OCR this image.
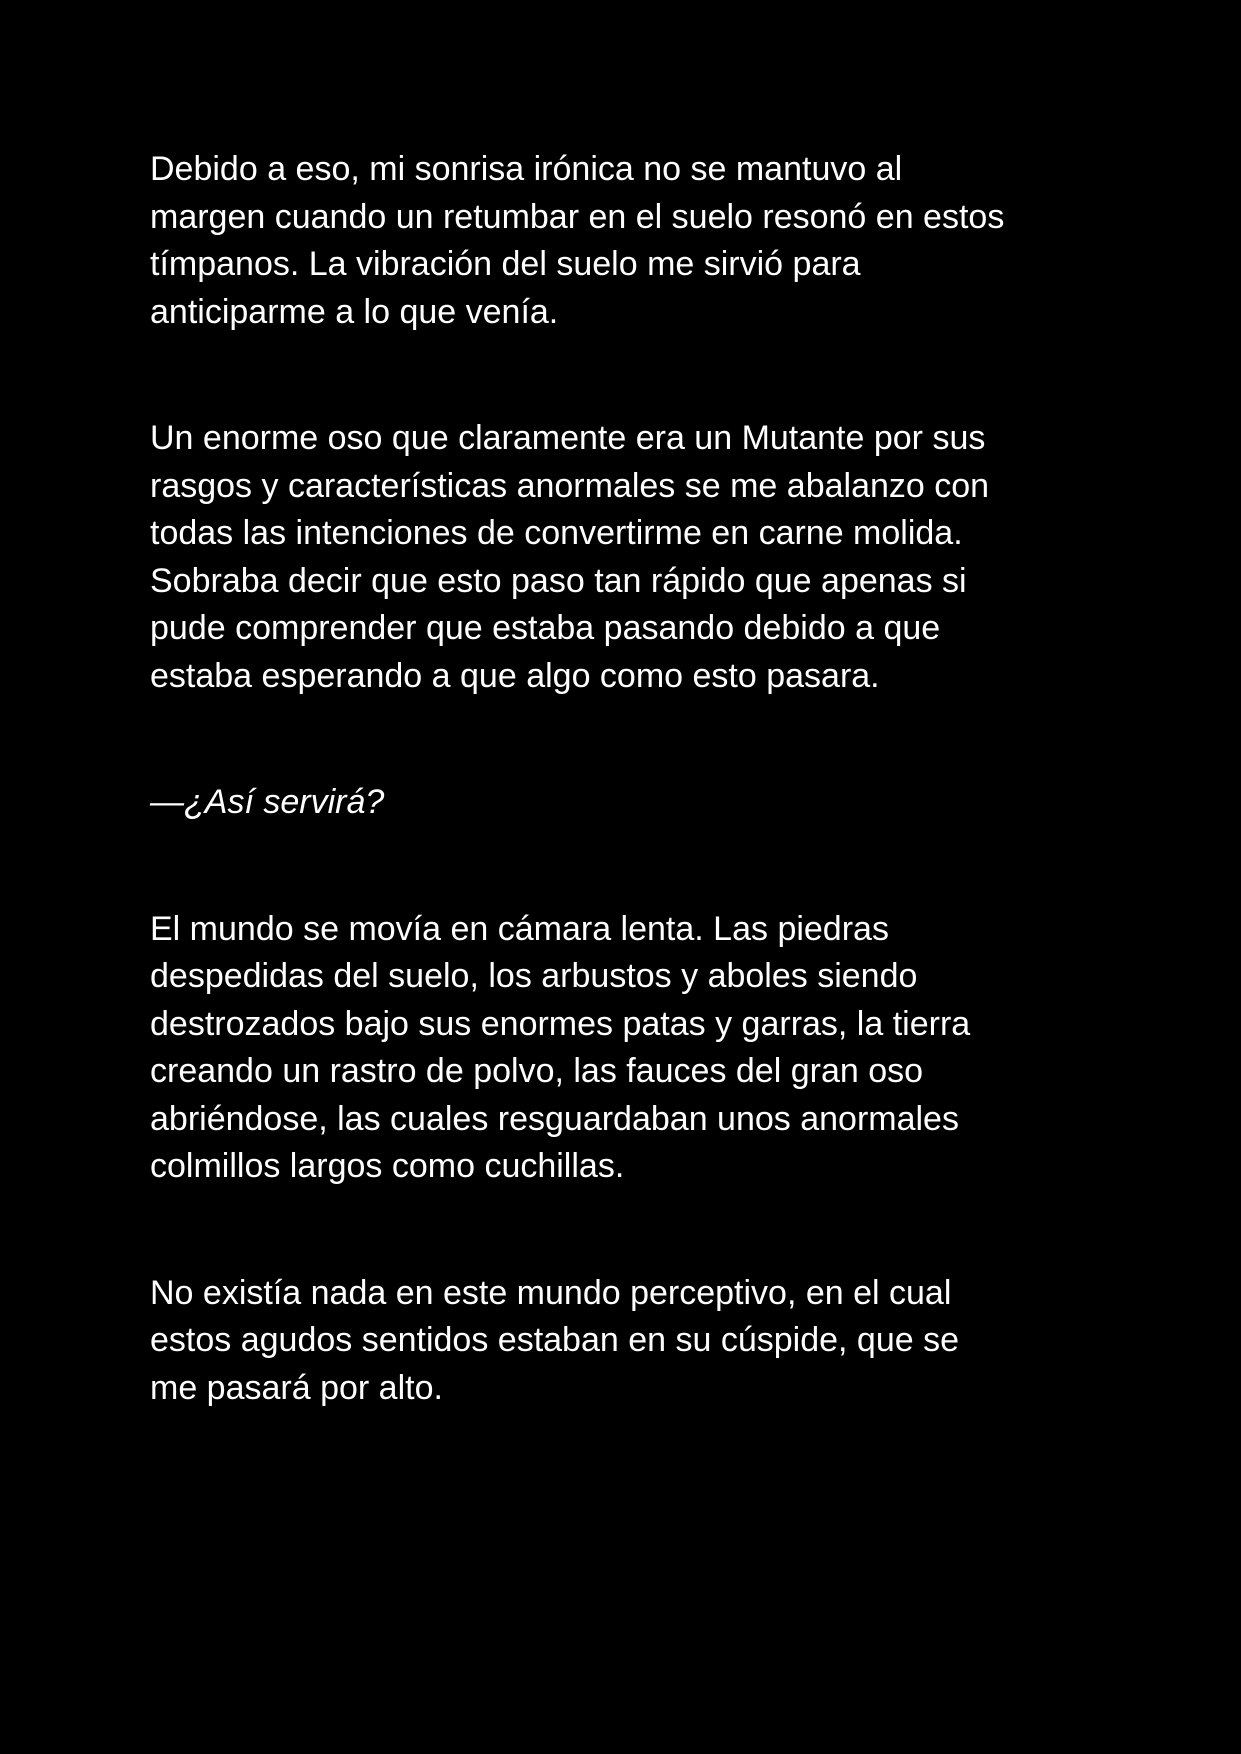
Debido a eso, mi sonrisa irónica no se mantuvo al
margen cuando un retumbar en el suelo resonó en estos
tímpanos. La vibración del suelo me sirvió para
anticiparme a lo que venía.

Un enorme oso que claramente era un Mutante por sus
rasgos y características anormales se me abalanzo con
todas las intenciones de convertirme en carne molida.
Sobraba decir que esto paso tan rápido que apenas si
pude comprender que estaba pasando debido a que
estaba esperando a que algo como esto pasara.

—¿Así servirá?

El mundo se movía en cámara lenta. Las piedras
despedidas del suelo, los arbustos y aboles siendo
destrozados bajo sus enormes patas y garras, la tierra
creando un rastro de polvo, las fauces del gran oso
abriéndose, las cuales resguardaban unos anormales
colmillos largos como cuchillas.

No existía nada en este mundo perceptivo, en el cual
estos agudos sentidos estaban en su cúspide, que se
me pasará por alto.
